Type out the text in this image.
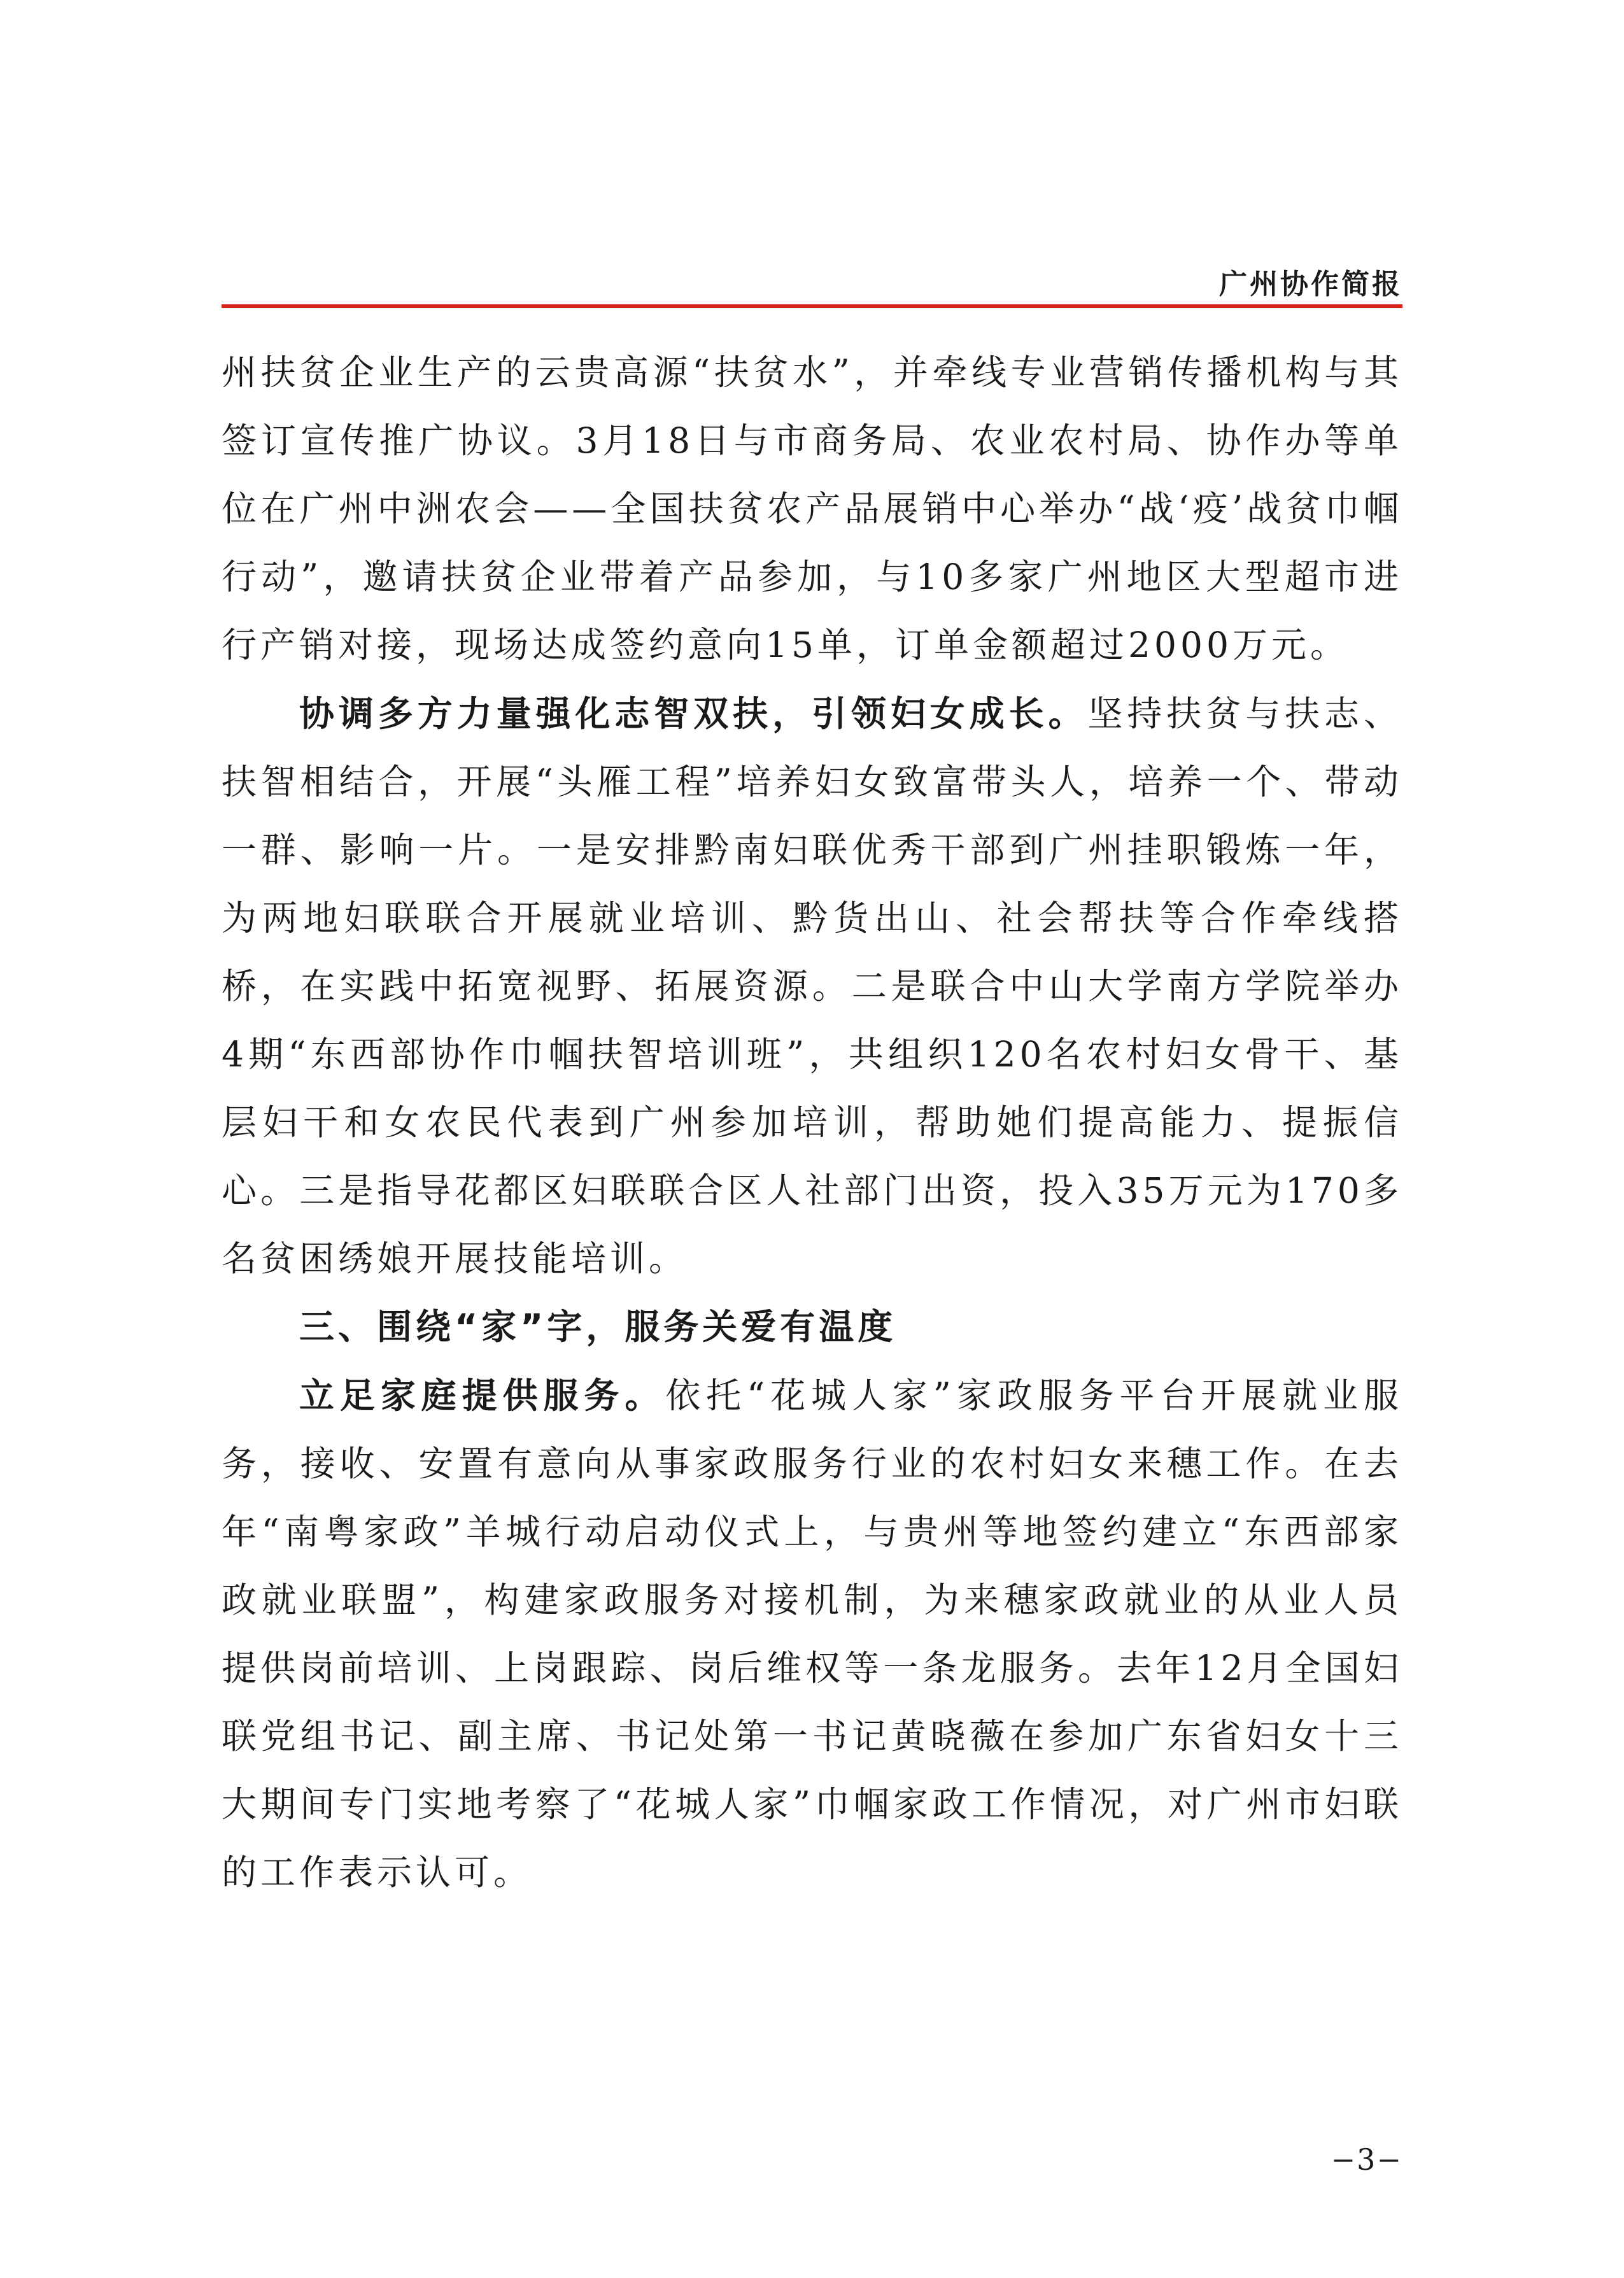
广州协作简报

州扶贫企业生产的云贵高源“扶贫水”，并牵线专业营销传播机构与其签订宣传推广协议。3月18日与市商务局、农业农村局、协作办等单位在广州中洲农会——全国扶贫农产品展销中心举办“战‘疫’战贫巾帼行动”，邀请扶贫企业带着产品参加，与10多家广州地区大型超市进行产销对接，现场达成签约意向15单，订单金额超过2000万元。

协调多方力量强化志智双扶，引领妇女成长。坚持扶贫与扶志、扶智相结合，开展“头雁工程”培养妇女致富带头人，培养一个、带动一群、影响一片。一是安排黔南妇联优秀干部到广州挂职锻炼一年，为两地妇联联合开展就业培训、黔货出山、社会帮扶等合作牵线搭桥，在实践中拓宽视野、拓展资源。二是联合中山大学南方学院举办4期“东西部协作巾帼扶智培训班”，共组织120名农村妇女骨干、基层妇干和女农民代表到广州参加培训，帮助她们提高能力、提振信心。三是指导花都区妇联联合区人社部门出资，投入35万元为170多名贫困绣娘开展技能培训。

三、围绕“家”字，服务关爱有温度

立足家庭提供服务。依托“花城人家”家政服务平台开展就业服务，接收、安置有意向从事家政服务行业的农村妇女来穗工作。在去年“南粤家政”羊城行动启动仪式上，与贵州等地签约建立“东西部家政就业联盟”，构建家政服务对接机制，为来穗家政就业的从业人员提供岗前培训、上岗跟踪、岗后维权等一条龙服务。去年12月全国妇联党组书记、副主席、书记处第一书记黄晓薇在参加广东省妇女十三大期间专门实地考察了“花城人家”巾帼家政工作情况，对广州市妇联的工作表示认可。

−3−
